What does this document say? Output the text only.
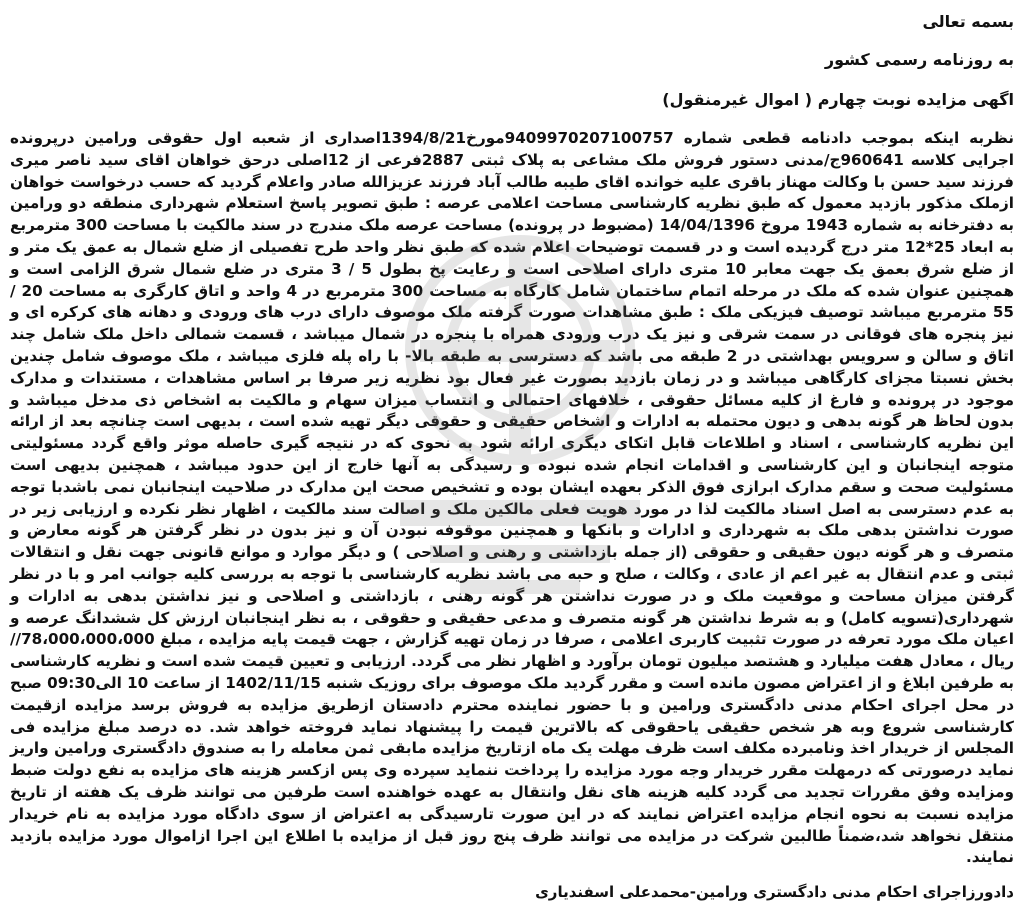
بسمه تعالی
به روزنامه رسمی کشور
اگهی مزایده نوبت چهارم ( اموال غیرمنقول)
نظربه اینکه بموجب دادنامه قطعی شماره 9409970207100757مورخ1394/8/21اصداری از شعبه اول حقوقی ورامین درپرونده اجرایی کلاسه 960641ج/مدنی دستور فروش ملک مشاعی به پلاک ثبتی 2887فرعی از 12اصلی درحق خواهان اقای سید ناصر میری فرزند سید حسن با وکالت مهناز باقری علیه خوانده اقای طیبه طالب آباد فرزند عزیزالله صادر واعلام گردید که حسب درخواست خواهان ازملک مذکور بازدید معمول که طبق نظریه کارشناسی مساحت اعلامی عرصه : طبق تصویر پاسخ استعلام شهرداری منطقه دو ورامین به دفترخانه به شماره 1943 مروخ 14/04/1396 (مضبوط در پرونده) مساحت عرصه ملک مندرج در سند مالکیت با مساحت 300 مترمربع به ابعاد 25*12 متر درج گردیده است و در قسمت توضیحات اعلام شده که طبق نظر واحد طرح تفصیلی از ضلع شمال به عمق یک متر و از ضلع شرق بعمق یک جهت معابر 10 متری دارای اصلاحی است و رعایت پخ بطول 5 / 3 متری در ضلع شمال شرق الزامی است و همچنین عنوان شده که ملک در مرحله اتمام ساختمان شامل کارگاه به مساحت 300 مترمربع در 4 واحد و اتاق کارگری به مساحت 20 / 55 مترمربع میباشد توصیف فیزیکی ملک : طبق مشاهدات صورت گرفته ملک موصوف دارای درب های ورودی و دهانه های کرکره ای و نیز پنجره های فوقانی در سمت شرقی و نیز یک درب ورودی همراه با پنجره در شمال میباشد ، قسمت شمالی داخل ملک شامل چند اتاق و سالن و سرویس بهداشتی در 2 طبقه می باشد که دسترسی به طبقه بالا- با راه پله فلزی میباشد ، ملک موصوف شامل چندین بخش نسبتا مجزای کارگاهی میباشد و در زمان بازدید بصورت غیر فعال بود نظریه زیر صرفا بر اساس مشاهدات ، مستندات و مدارک موجود در پرونده و فارغ از کلیه مسائل حقوقی ، خلافهای احتمالی و انتساب میزان سهام و مالکیت به اشخاص ذی مدخل میباشد و بدون لحاظ هر گونه بدهی و دیون محتمله به ادارات و اشخاص حقیقی و حقوقی دیگر تهیه شده است ، بدیهی است چنانچه بعد از ارائه این نظریه کارشناسی ، اسناد و اطلاعات قابل اتکای دیگری ارائه شود به نحوی که در نتیجه گیری حاصله موثر واقع گردد مسئولیتی متوجه اینجانبان و این کارشناسی و اقدامات انجام شده نبوده و رسیدگی به آنها خارج از این حدود میباشد ، همچنین بدیهی است مسئولیت صحت و سقم مدارک ابرازی فوق الذکر بعهده ایشان بوده و تشخیص صحت این مدارک در صلاحیت اینجانبان نمی باشدبا توجه به عدم دسترسی به اصل اسناد مالکیت لذا در مورد هویت فعلی مالکین ملک و اصالت سند مالکیت ، اظهار نظر نکرده و ارزیابی زیر در صورت نداشتن بدهی ملک به شهرداری و ادارات و بانکها و همچنین موقوفه نبودن آن و نیز بدون در نظر گرفتن هر گونه معارض و متصرف و هر گونه دیون حقیقی و حقوقی (از جمله بازداشتی و رهنی و اصلاحی ) و دیگر موارد و موانع قانونی جهت نقل و انتقالات ثبتی و عدم انتقال به غیر اعم از عادی ، وکالت ، صلح و حبه می باشد نظریه کارشناسی با توجه به بررسی کلیه جوانب امر و با در نظر گرفتن میزان مساحت و موقعیت ملک و در صورت نداشتن هر گونه رهنی ، بازداشتی و اصلاحی و نیز نداشتن بدهی به ادارات و شهرداری(تسویه کامل) و به شرط نداشتن هر گونه متصرف و مدعی حقیقی و حقوقی ، به نظر اینجانبان ارزش کل ششدانگ عرصه و اعیان ملک مورد تعرفه در صورت تثبیت کاربری اعلامی ، صرفا در زمان تهیه گزارش ، جهت قیمت پایه مزایده ، مبلغ 78،000،000،000//ریال ، معادل هفت میلیارد و هشتصد میلیون تومان برآورد و اظهار نظر می گردد. ارزیابی و تعیین قیمت شده است و نظریه کارشناسی به طرفین ابلاغ و از اعتراض مصون مانده است و مقرر گردید ملک موصوف برای روزیک شنبه 1402/11/15 از ساعت 10 الی09:30 صبح در محل اجرای احکام مدنی دادگستری ورامین و با حضور نماینده محترم دادستان ازطریق مزایده به فروش برسد مزایده ازقیمت کارشناسی شروع وبه هر شخص حقیقی یاحقوقی که بالاترین قیمت را پیشنهاد نماید فروخته خواهد شد. ده درصد مبلغ مزایده فی المجلس از خریدار اخذ ونامبرده مکلف است ظرف مهلت یک ماه ازتاریخ مزایده مابقی ثمن معامله را به صندوق دادگستری ورامین واریز نماید درصورتی که درمهلت مقرر خریدار وجه مورد مزایده را پرداخت ننماید سپرده وی پس ازکسر هزینه های مزایده به نفع دولت ضبط ومزایده وفق مقررات تجدید می گردد کلیه هزینه های نقل وانتقال به عهده خواهنده است طرفین می توانند ظرف یک هفته از تاریخ مزایده نسبت به نحوه انجام مزایده اعتراض نمایند که در این صورت تارسیدگی به اعتراض از سوی دادگاه مورد مزایده به نام خریدار منتقل نخواهد شد،ضمناً طالبین شرکت در مزایده می توانند ظرف پنج روز قبل از مزایده با اطلاع این اجرا ازاموال مورد مزایده بازدید نمایند.
دادورزاجرای احکام مدنی دادگستری ورامین-محمدعلی اسفندیاری
